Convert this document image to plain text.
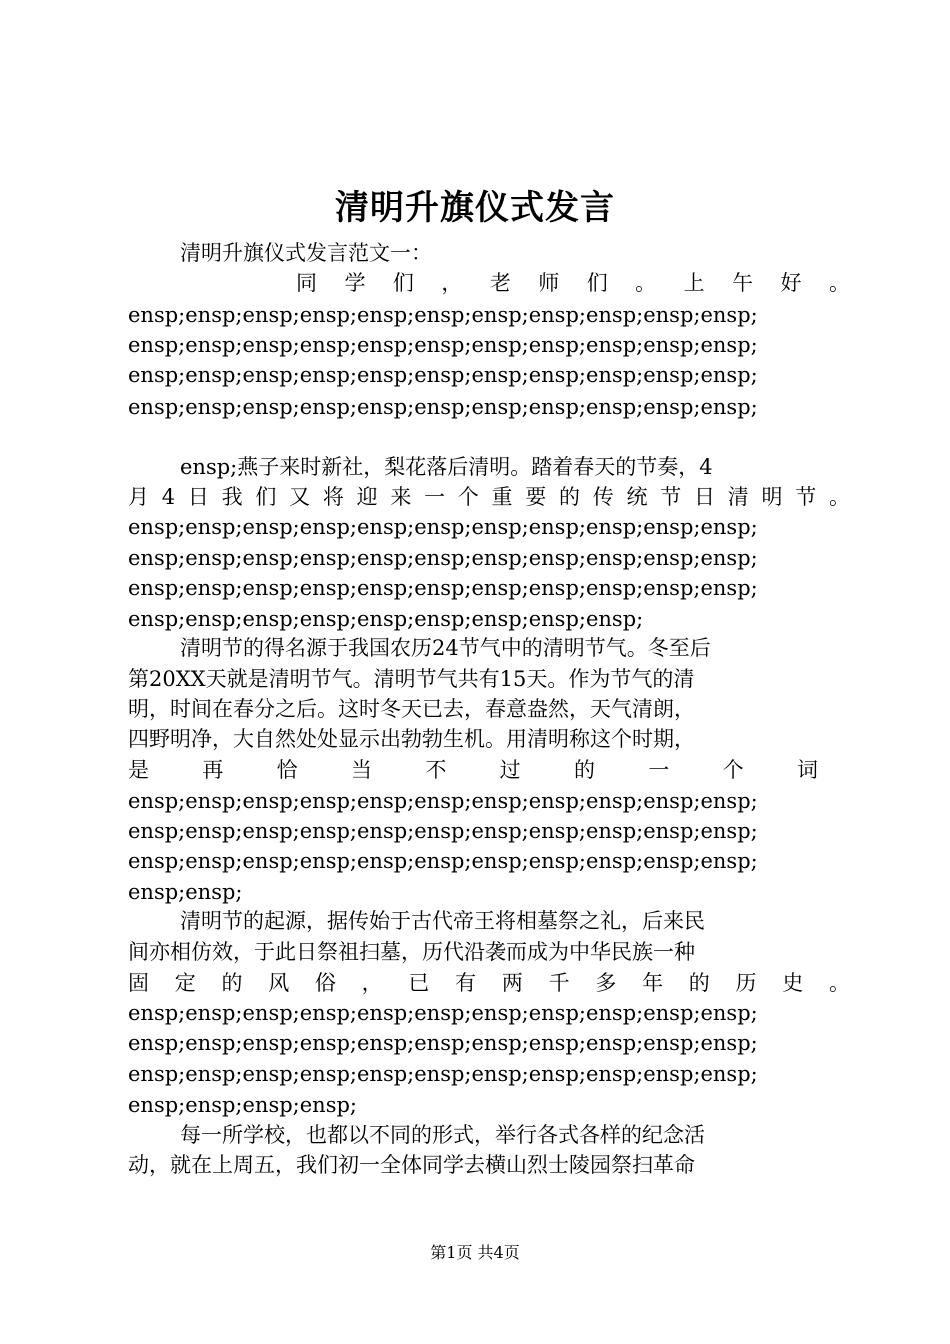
清明升旗仪式发言
清明升旗仪式发言范文一：
同学们，老师们。上午好。
ensp;ensp;ensp;ensp;ensp;ensp;ensp;ensp;ensp;ensp;ensp;
ensp;ensp;ensp;ensp;ensp;ensp;ensp;ensp;ensp;ensp;ensp;
ensp;ensp;ensp;ensp;ensp;ensp;ensp;ensp;ensp;ensp;ensp;
ensp;ensp;ensp;ensp;ensp;ensp;ensp;ensp;ensp;ensp;ensp;
ensp;燕子来时新社，梨花落后清明。踏着春天的节奏，4
月4日我们又将迎来一个重要的传统节日清明节。
ensp;ensp;ensp;ensp;ensp;ensp;ensp;ensp;ensp;ensp;ensp;
ensp;ensp;ensp;ensp;ensp;ensp;ensp;ensp;ensp;ensp;ensp;
ensp;ensp;ensp;ensp;ensp;ensp;ensp;ensp;ensp;ensp;ensp;
ensp;ensp;ensp;ensp;ensp;ensp;ensp;ensp;ensp;
清明节的得名源于我国农历24节气中的清明节气。冬至后
第20XX天就是清明节气。清明节气共有15天。作为节气的清
明，时间在春分之后。这时冬天已去，春意盎然，天气清朗，
四野明净，大自然处处显示出勃勃生机。用清明称这个时期，
是再恰当不过的一个词
ensp;ensp;ensp;ensp;ensp;ensp;ensp;ensp;ensp;ensp;ensp;
ensp;ensp;ensp;ensp;ensp;ensp;ensp;ensp;ensp;ensp;ensp;
ensp;ensp;ensp;ensp;ensp;ensp;ensp;ensp;ensp;ensp;ensp;
ensp;ensp;
清明节的起源，据传始于古代帝王将相墓祭之礼，后来民
间亦相仿效，于此日祭祖扫墓，历代沿袭而成为中华民族一种
固定的风俗，已有两千多年的历史。
ensp;ensp;ensp;ensp;ensp;ensp;ensp;ensp;ensp;ensp;ensp;
ensp;ensp;ensp;ensp;ensp;ensp;ensp;ensp;ensp;ensp;ensp;
ensp;ensp;ensp;ensp;ensp;ensp;ensp;ensp;ensp;ensp;ensp;
ensp;ensp;ensp;ensp;
每一所学校，也都以不同的形式，举行各式各样的纪念活
动，就在上周五，我们初一全体同学去横山烈士陵园祭扫革命
第1页 共4页
